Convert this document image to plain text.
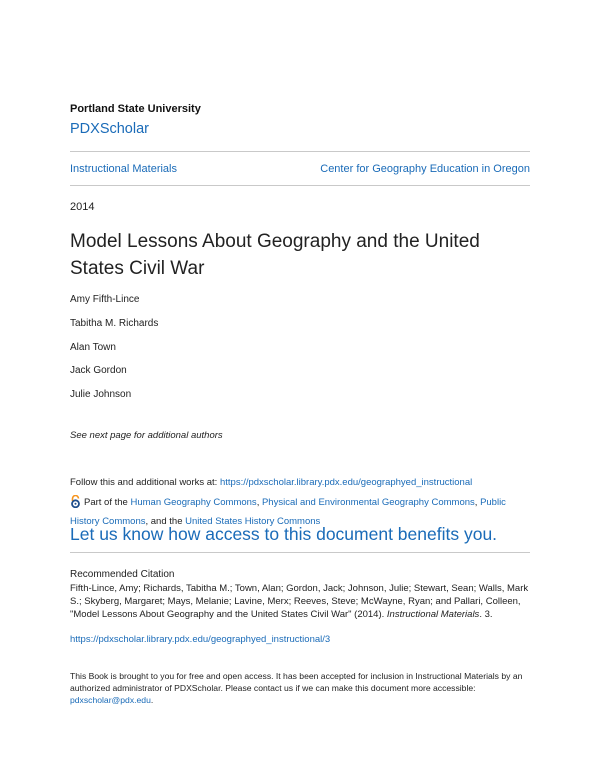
Portland State University
PDXScholar
Instructional Materials	Center for Geography Education in Oregon
2014
Model Lessons About Geography and the United States Civil War
Amy Fifth-Lince
Tabitha M. Richards
Alan Town
Jack Gordon
Julie Johnson
See next page for additional authors
Follow this and additional works at: https://pdxscholar.library.pdx.edu/geographyed_instructional
Part of the Human Geography Commons, Physical and Environmental Geography Commons, Public History Commons, and the United States History Commons
Let us know how access to this document benefits you.
Recommended Citation
Fifth-Lince, Amy; Richards, Tabitha M.; Town, Alan; Gordon, Jack; Johnson, Julie; Stewart, Sean; Walls, Mark S.; Skyberg, Margaret; Mays, Melanie; Lavine, Merx; Reeves, Steve; McWayne, Ryan; and Pallari, Colleen, "Model Lessons About Geography and the United States Civil War" (2014). Instructional Materials. 3.
https://pdxscholar.library.pdx.edu/geographyed_instructional/3
This Book is brought to you for free and open access. It has been accepted for inclusion in Instructional Materials by an authorized administrator of PDXScholar. Please contact us if we can make this document more accessible: pdxscholar@pdx.edu.
